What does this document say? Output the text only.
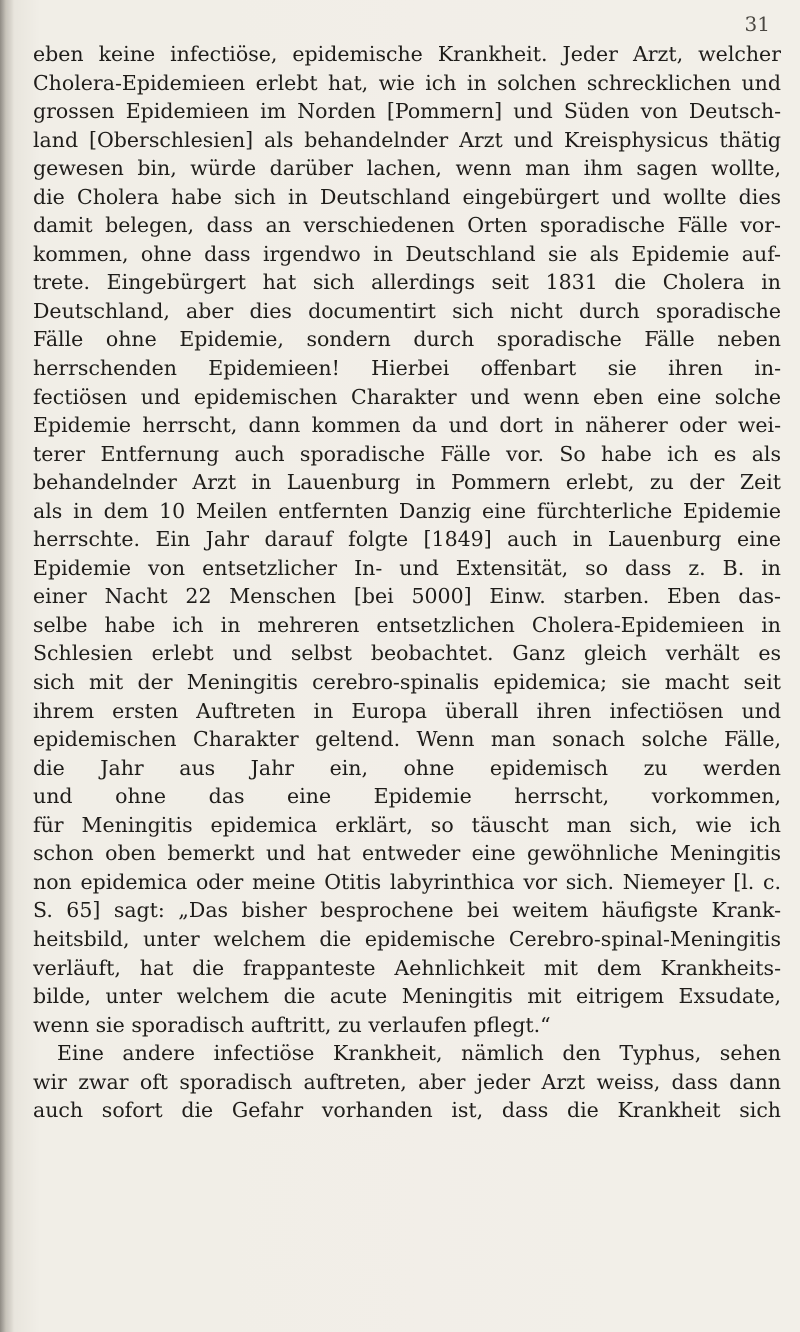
31
eben keine infectiöse, epidemische Krankheit. Jeder Arzt, welcher
Cholera-Epidemieen erlebt hat, wie ich in solchen schrecklichen und
grossen Epidemieen im Norden [Pommern] und Süden von Deutsch-
land [Oberschlesien] als behandelnder Arzt und Kreisphysicus thätig
gewesen bin, würde darüber lachen, wenn man ihm sagen wollte,
die Cholera habe sich in Deutschland eingebürgert und wollte dies
damit belegen, dass an verschiedenen Orten sporadische Fälle vor-
kommen, ohne dass irgendwo in Deutschland sie als Epidemie auf-
trete. Eingebürgert hat sich allerdings seit 1831 die Cholera in
Deutschland, aber dies documentirt sich nicht durch sporadische
Fälle ohne Epidemie, sondern durch sporadische Fälle neben
herrschenden Epidemieen! Hierbei offenbart sie ihren in-
fectiösen und epidemischen Charakter und wenn eben eine solche
Epidemie herrscht, dann kommen da und dort in näherer oder wei-
terer Entfernung auch sporadische Fälle vor. So habe ich es als
behandelnder Arzt in Lauenburg in Pommern erlebt, zu der Zeit
als in dem 10 Meilen entfernten Danzig eine fürchterliche Epidemie
herrschte. Ein Jahr darauf folgte [1849] auch in Lauenburg eine
Epidemie von entsetzlicher In- und Extensität, so dass z. B. in
einer Nacht 22 Menschen [bei 5000] Einw. starben. Eben das-
selbe habe ich in mehreren entsetzlichen Cholera-Epidemieen in
Schlesien erlebt und selbst beobachtet. Ganz gleich verhält es
sich mit der Meningitis cerebro-spinalis epidemica; sie macht seit
ihrem ersten Auftreten in Europa überall ihren infectiösen und
epidemischen Charakter geltend. Wenn man sonach solche Fälle,
die Jahr aus Jahr ein, ohne epidemisch zu werden
und ohne das eine Epidemie herrscht, vorkommen,
für Meningitis epidemica erklärt, so täuscht man sich, wie ich
schon oben bemerkt und hat entweder eine gewöhnliche Meningitis
non epidemica oder meine Otitis labyrinthica vor sich. Niemeyer [l. c.
S. 65] sagt: „Das bisher besprochene bei weitem häufigste Krank-
heitsbild, unter welchem die epidemische Cerebro-spinal-Meningitis
verläuft, hat die frappanteste Aehnlichkeit mit dem Krankheits-
bilde, unter welchem die acute Meningitis mit eitrigem Exsudate,
wenn sie sporadisch auftritt, zu verlaufen pflegt.“
Eine andere infectiöse Krankheit, nämlich den Typhus, sehen
wir zwar oft sporadisch auftreten, aber jeder Arzt weiss, dass dann
auch sofort die Gefahr vorhanden ist, dass die Krankheit sich
